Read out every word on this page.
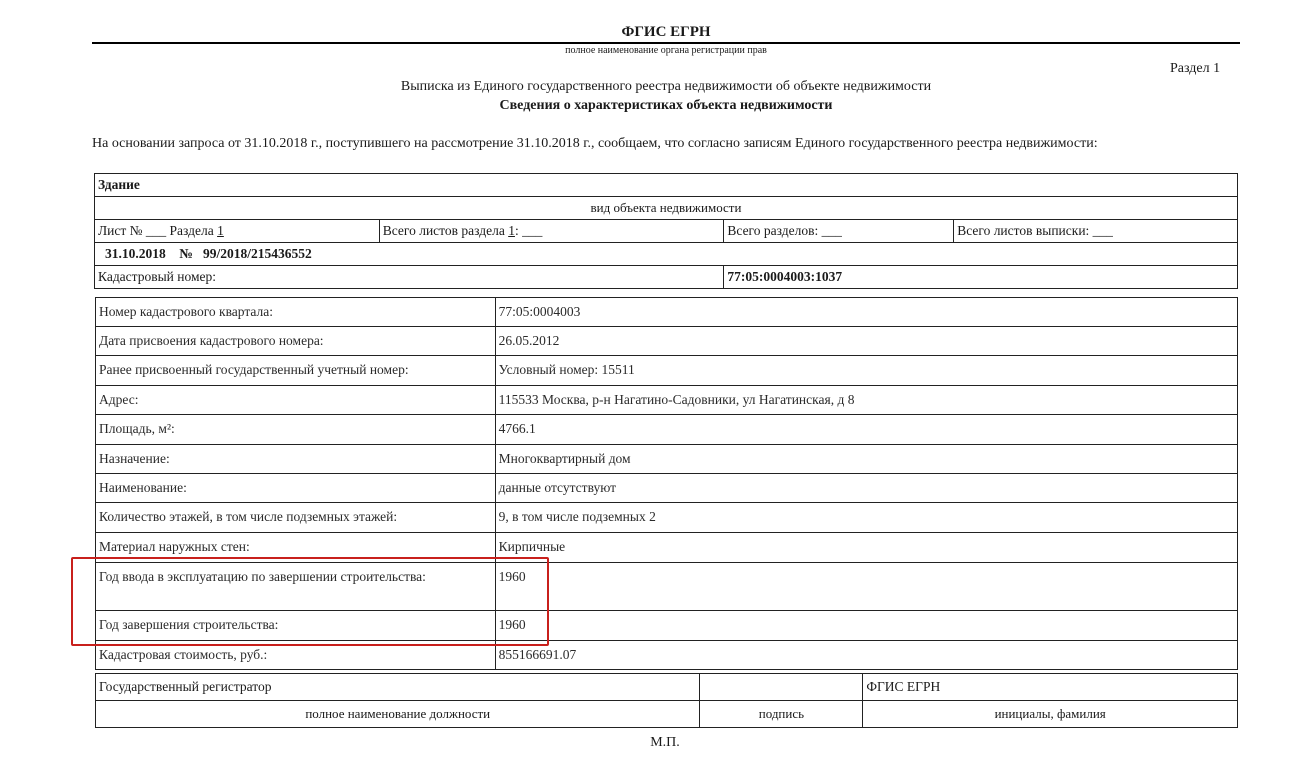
ФГИС ЕГРН
полное наименование органа регистрации прав
Раздел 1
Выписка из Единого государственного реестра недвижимости об объекте недвижимости
Сведения о характеристиках объекта недвижимости
На основании запроса от 31.10.2018 г., поступившего на рассмотрение 31.10.2018 г., сообщаем, что согласно записям Единого государственного реестра недвижимости:
Здание			
вид объекта недвижимости			
Лист № ___ Раздела 1	Всего листов раздела 1: ___	Всего разделов: ___	Всего листов выписки: ___
31.10.2018 № 99/2018/215436552			
Кадастровый номер:		77:05:0004003:1037	
Номер кадастрового квартала:	77:05:0004003
Дата присвоения кадастрового номера:	26.05.2012
Ранее присвоенный государственный учетный номер:	Условный номер: 15511
Адрес:	115533 Москва, р-н Нагатино-Садовники, ул Нагатинская, д 8
Площадь, м²:	4766.1
Назначение:	Многоквартирный дом
Наименование:	данные отсутствуют
Количество этажей, в том числе подземных этажей:	9, в том числе подземных 2
Материал наружных стен:	Кирпичные
Год ввода в эксплуатацию по завершении строительства:	1960
Год завершения строительства:	1960
Кадастровая стоимость, руб.:	855166691.07
Государственный регистратор		ФГИС ЕГРН
полное наименование должности	подпись	инициалы, фамилия
М.П.
